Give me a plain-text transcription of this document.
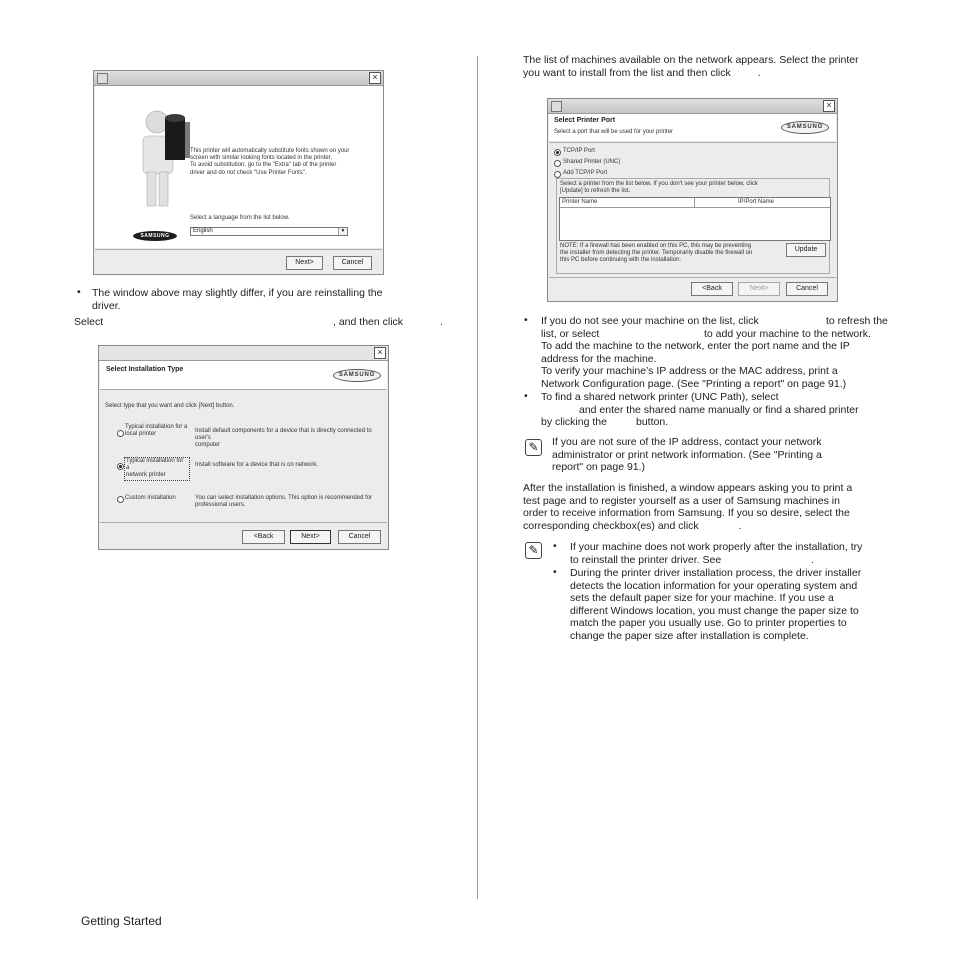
×
This printer will automatically substitute fonts shown on your
screen with similar looking fonts located in the printer.
To avoid substitution, go to the "Extra" tab of the printer
driver and do not check "Use Printer Fonts".
Select a language from the list below.
English	▼
SAMSUNG
Next>	Cancel
• The window above may slightly differ, if you are reinstalling the
driver.
Select	, and then click	.
×
Select Installation Type
SAMSUNG
Select type that you want and click [Next] button.
Typical installation for a
local printer
Install default components for a device that is directly connected to user's
computer
Typical installation for a
network printer
Install software for a device that is on network.
Custom installation	You can select installation options. This option is recommended for
professional users.
<Back	Next>	Cancel
The list of machines available on the network appears. Select the printer
you want to install from the list and then click	.
×
Select Printer Port
Select a port that will be used for your printer
SAMSUNG
TCP/IP Port
Shared Printer (UNC)
Add TCP/IP Port
Select a printer from the list below. If you don't see your printer below, click
[Update] to refresh the list.
Printer Name	IP/Port Name
NOTE: If a firewall has been enabled on this PC, this may be preventing
the installer from detecting the printer. Temporarily disable the firewall on
this PC before continuing with the installation.
Update
<Back	Next>	Cancel
• If you do not see your machine on the list, click	to refresh the
list, or select	to add your machine to the network.
To add the machine to the network, enter the port name and the IP
address for the machine.
To verify your machine’s IP address or the MAC address, print a
Network Configuration page. (See "Printing a report" on page 91.)
• To find a shared network printer (UNC Path), select
and enter the shared name manually or find a shared printer
by clicking the	button.
✎	If you are not sure of the IP address, contact your network
administrator or print network information. (See "Printing a
report" on page 91.)
After the installation is finished, a window appears asking you to print a
test page and to register yourself as a user of Samsung machines in
order to receive information from Samsung. If you so desire, select the
corresponding checkbox(es) and click	.
✎	• If your machine does not work properly after the installation, try
to reinstall the printer driver. See	.
• During the printer driver installation process, the driver installer
detects the location information for your operating system and
sets the default paper size for your machine. If you use a
different Windows location, you must change the paper size to
match the paper you usually use. Go to printer properties to
change the paper size after installation is complete.
Getting Started
